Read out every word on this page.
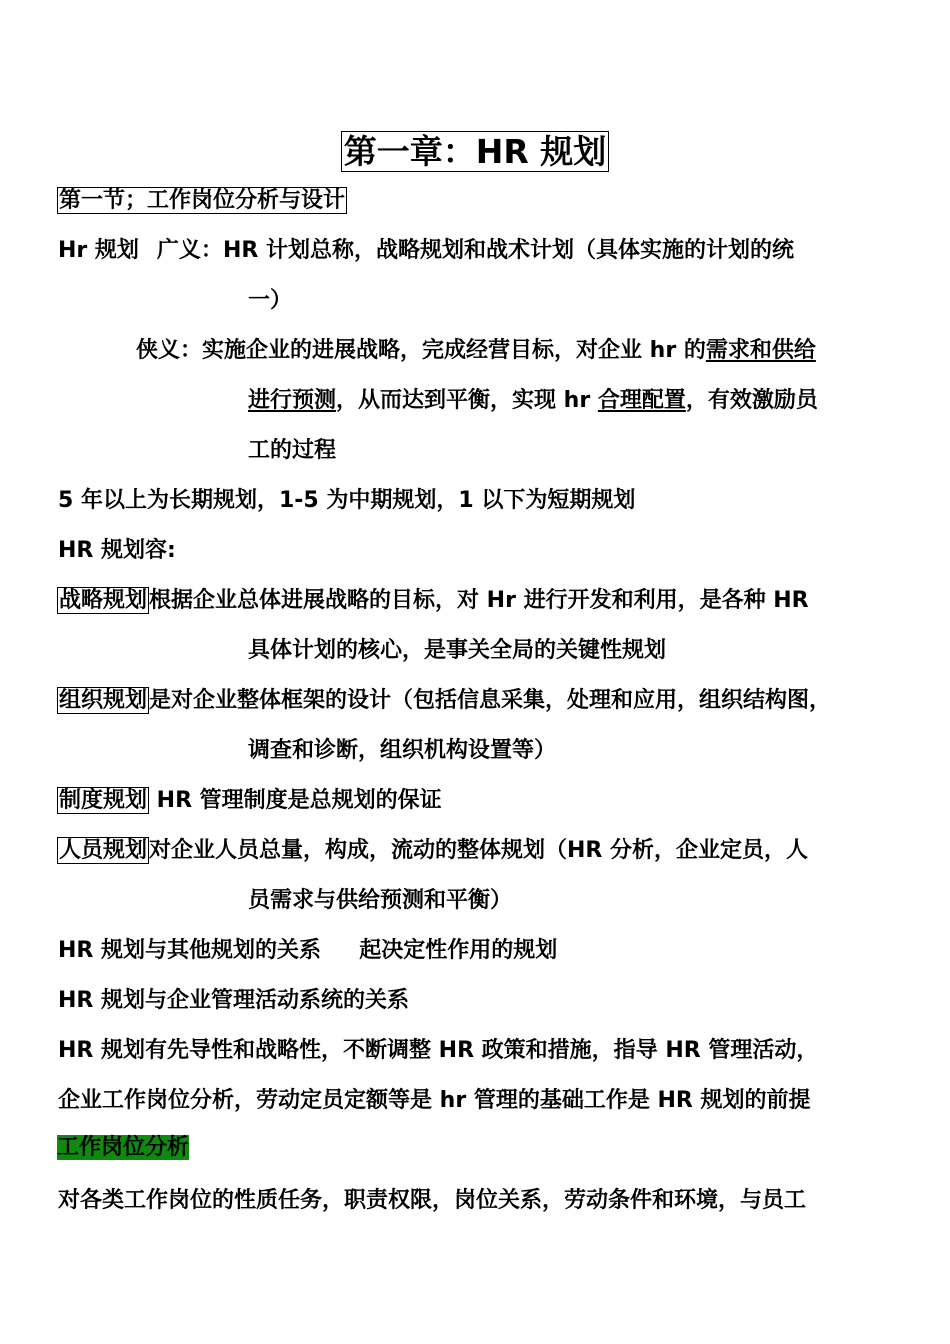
第一章：HR 规划
第一节；工作岗位分析与设计
Hr 规划 广义：HR 计划总称，战略规划和战术计划（具体实施的计划的统
一）
侠义：实施企业的进展战略，完成经营目标，对企业 hr 的需求和供给
进行预测，从而达到平衡，实现 hr 合理配置，有效激励员
工的过程
5 年以上为长期规划，1-5 为中期规划，1 以下为短期规划
HR 规划容:
战略规划根据企业总体进展战略的目标，对 Hr 进行开发和利用，是各种 HR
具体计划的核心，是事关全局的关键性规划
组织规划是对企业整体框架的设计（包括信息采集，处理和应用，组织结构图，
调查和诊断，组织机构设置等）
制度规划 HR 管理制度是总规划的保证
人员规划对企业人员总量，构成，流动的整体规划（HR 分析，企业定员，人
员需求与供给预测和平衡）
HR 规划与其他规划的关系     起决定性作用的规划
HR 规划与企业管理活动系统的关系
HR 规划有先导性和战略性，不断调整 HR 政策和措施，指导 HR 管理活动，
企业工作岗位分析，劳动定员定额等是 hr 管理的基础工作是 HR 规划的前提
工作岗位分析
对各类工作岗位的性质任务，职责权限，岗位关系，劳动条件和环境，与员工
